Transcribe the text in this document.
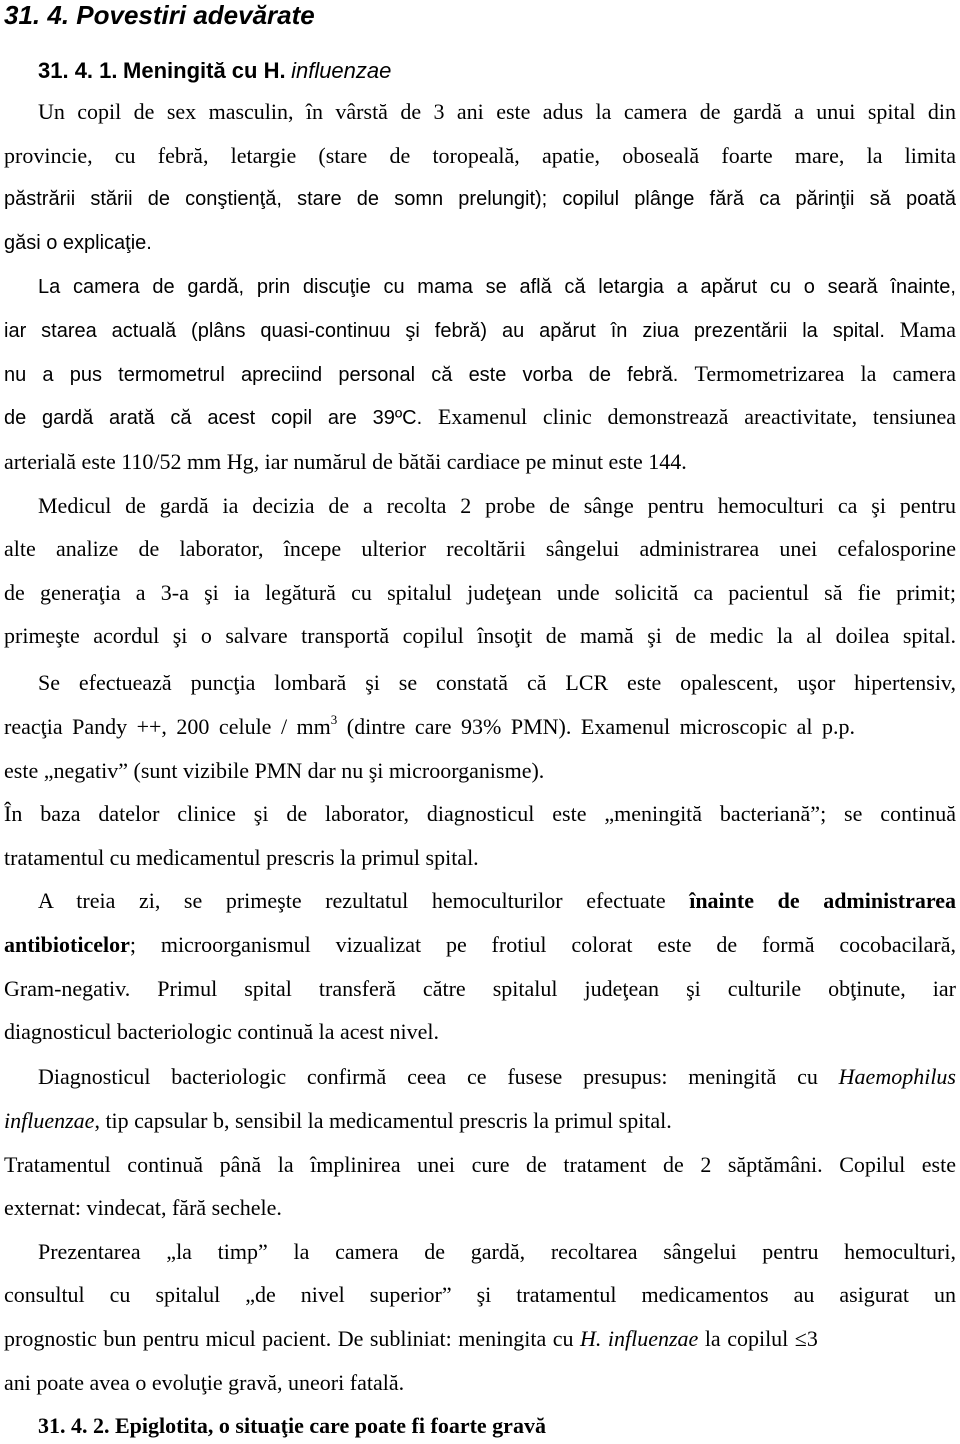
31. 4. Povestiri adevărate
31. 4. 1. Meningită cu H. influenzae
Un copil de sex masculin, în vârstă de 3 ani este adus la camera de gardă a unui spital din
provincie, cu febră, letargie (stare de toropeală, apatie, oboseală foarte mare, la limita
păstrării stării de conştienţă, stare de somn prelungit); copilul plânge fără ca părinţii să poată
găsi o explicaţie.
La camera de gardă, prin discuţie cu mama se află că letargia a apărut cu o seară înainte,
iar starea actuală (plâns quasi-continuu şi febră) au apărut în ziua prezentării la spital. Mama
nu a pus termometrul apreciind personal că este vorba de febră. Termometrizarea la camera
de gardă arată că acest copil are 39ºC. Examenul clinic demonstrează areactivitate, tensiunea
arterială este 110/52 mm Hg, iar numărul de bătăi cardiace pe minut este 144.
Medicul de gardă ia decizia de a recolta 2 probe de sânge pentru hemoculturi ca şi pentru
alte analize de laborator, începe ulterior recoltării sângelui administrarea unei cefalosporine
de generaţia a 3-a şi ia legătură cu spitalul judeţean unde solicită ca pacientul să fie primit;
primeşte acordul şi o salvare transportă copilul însoţit de mamă şi de medic la al doilea spital.
Se efectuează puncţia lombară şi se constată că LCR este opalescent, uşor hipertensiv,
reacţia Pandy ++, 200 celule / $mm^3$ (dintre care 93% PMN). Examenul microscopic al p.p.
este „negativ” (sunt vizibile PMN dar nu şi microorganisme).
În baza datelor clinice şi de laborator, diagnosticul este „meningită bacteriană”; se continuă
tratamentul cu medicamentul prescris la primul spital.
A treia zi, se primeşte rezultatul hemoculturilor efectuate înainte de administrarea
antibioticelor; microorganismul vizualizat pe frotiul colorat este de formă cocobacilară,
Gram-negativ. Primul spital transferă către spitalul judeţean şi culturile obţinute, iar
diagnosticul bacteriologic continuă la acest nivel.
Diagnosticul bacteriologic confirmă ceea ce fusese presupus: meningită cu Haemophilus
influenzae, tip capsular b, sensibil la medicamentul prescris la primul spital.
Tratamentul continuă până la împlinirea unei cure de tratament de 2 săptămâni. Copilul este
externat: vindecat, fără sechele.
Prezentarea „la timp” la camera de gardă, recoltarea sângelui pentru hemoculturi,
consultul cu spitalul „de nivel superior” şi tratamentul medicamentos au asigurat un
prognostic bun pentru micul pacient. De subliniat: meningita cu H. influenzae la copilul ≤3
ani poate avea o evoluţie gravă, uneori fatală.
31. 4. 2. Epiglotita, o situaţie care poate fi foarte gravă
